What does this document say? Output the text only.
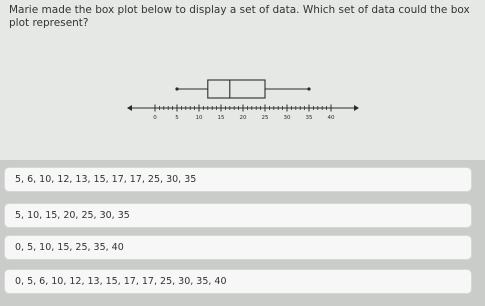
Marie made the box plot below to display a set of data. Which set of data could the box plot represent?
0	5	10	15	20	25	30	35	40
5, 6, 10, 12, 13, 15, 17, 17, 25, 30, 35
5, 10, 15, 20, 25, 30, 35
0, 5, 10, 15, 25, 35, 40
0, 5, 6, 10, 12, 13, 15, 17, 17, 25, 30, 35, 40
